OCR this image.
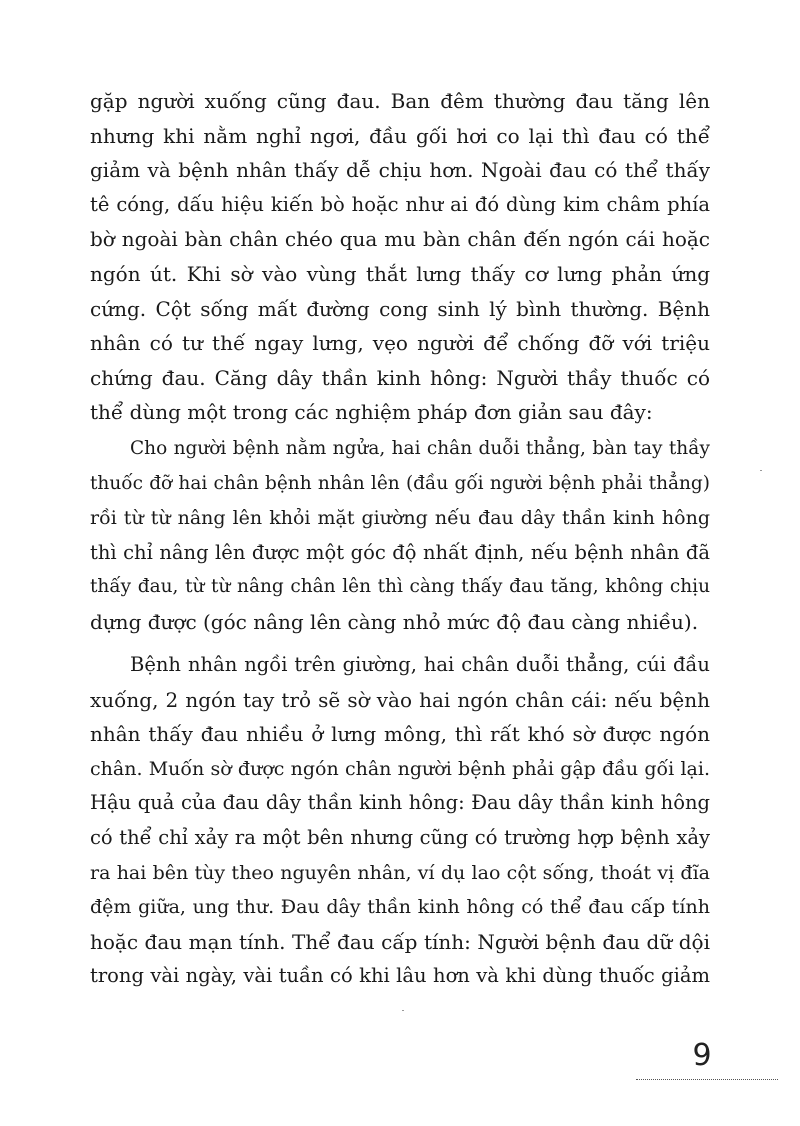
gặp người xuống cũng đau. Ban đêm thường đau tăng lên
nhưng khi nằm nghỉ ngơi, đầu gối hơi co lại thì đau có thể
giảm và bệnh nhân thấy dễ chịu hơn. Ngoài đau có thể thấy
tê cóng, dấu hiệu kiến bò hoặc như ai đó dùng kim châm phía
bờ ngoài bàn chân chéo qua mu bàn chân đến ngón cái hoặc
ngón út. Khi sờ vào vùng thắt lưng thấy cơ lưng phản ứng
cứng. Cột sống mất đường cong sinh lý bình thường. Bệnh
nhân có tư thế ngay lưng, vẹo người để chống đỡ với triệu
chứng đau. Căng dây thần kinh hông: Người thầy thuốc có
thể dùng một trong các nghiệm pháp đơn giản sau đây:
Cho người bệnh nằm ngửa, hai chân duỗi thẳng, bàn tay thầy
thuốc đỡ hai chân bệnh nhân lên (đầu gối người bệnh phải thẳng)
rồi từ từ nâng lên khỏi mặt giường nếu đau dây thần kinh hông
thì chỉ nâng lên được một góc độ nhất định, nếu bệnh nhân đã
thấy đau, từ từ nâng chân lên thì càng thấy đau tăng, không chịu
dựng được (góc nâng lên càng nhỏ mức độ đau càng nhiều).
Bệnh nhân ngồi trên giường, hai chân duỗi thẳng, cúi đầu
xuống, 2 ngón tay trỏ sẽ sờ vào hai ngón chân cái: nếu bệnh
nhân thấy đau nhiều ở lưng mông, thì rất khó sờ được ngón
chân. Muốn sờ được ngón chân người bệnh phải gập đầu gối lại.
Hậu quả của đau dây thần kinh hông: Đau dây thần kinh hông
có thể chỉ xảy ra một bên nhưng cũng có trường hợp bệnh xảy
ra hai bên tùy theo nguyên nhân, ví dụ lao cột sống, thoát vị đĩa
đệm giữa, ung thư. Đau dây thần kinh hông có thể đau cấp tính
hoặc đau mạn tính. Thể đau cấp tính: Người bệnh đau dữ dội
trong vài ngày, vài tuần có khi lâu hơn và khi dùng thuốc giảm
9
